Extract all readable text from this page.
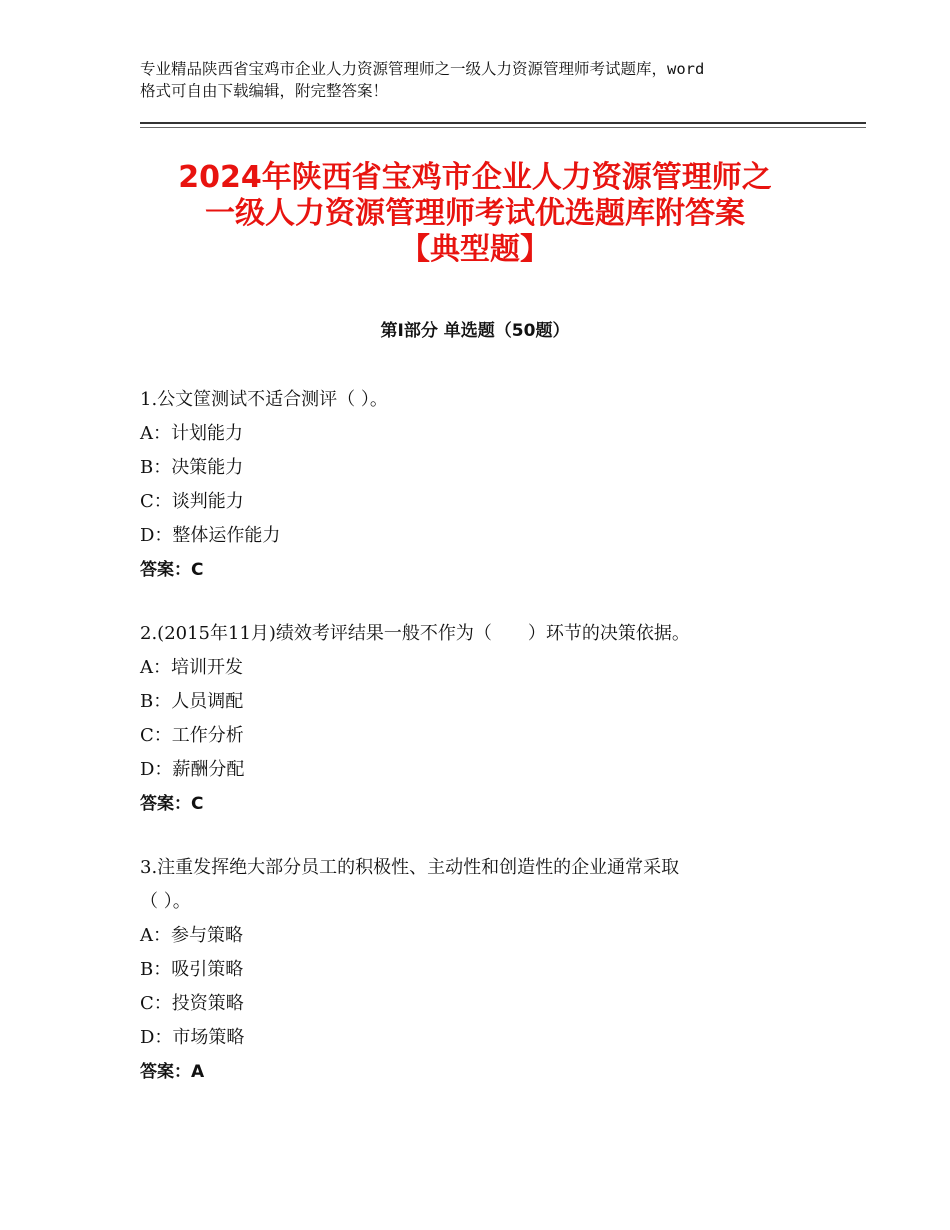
专业精品陕西省宝鸡市企业人力资源管理师之一级人力资源管理师考试题库，word
格式可自由下载编辑，附完整答案！
2024年陕西省宝鸡市企业人力资源管理师之
一级人力资源管理师考试优选题库附答案
【典型题】
第Ⅰ部分 单选题（50题）
1.公文筐测试不适合测评（ ）。
A：计划能力
B：决策能力
C：谈判能力
D：整体运作能力
答案：C
2.(2015年11月)绩效考评结果一般不作为（　　）环节的决策依据。
A：培训开发
B：人员调配
C：工作分析
D：薪酬分配
答案：C
3.注重发挥绝大部分员工的积极性、主动性和创造性的企业通常采取
（ ）。
A：参与策略
B：吸引策略
C：投资策略
D：市场策略
答案：A
